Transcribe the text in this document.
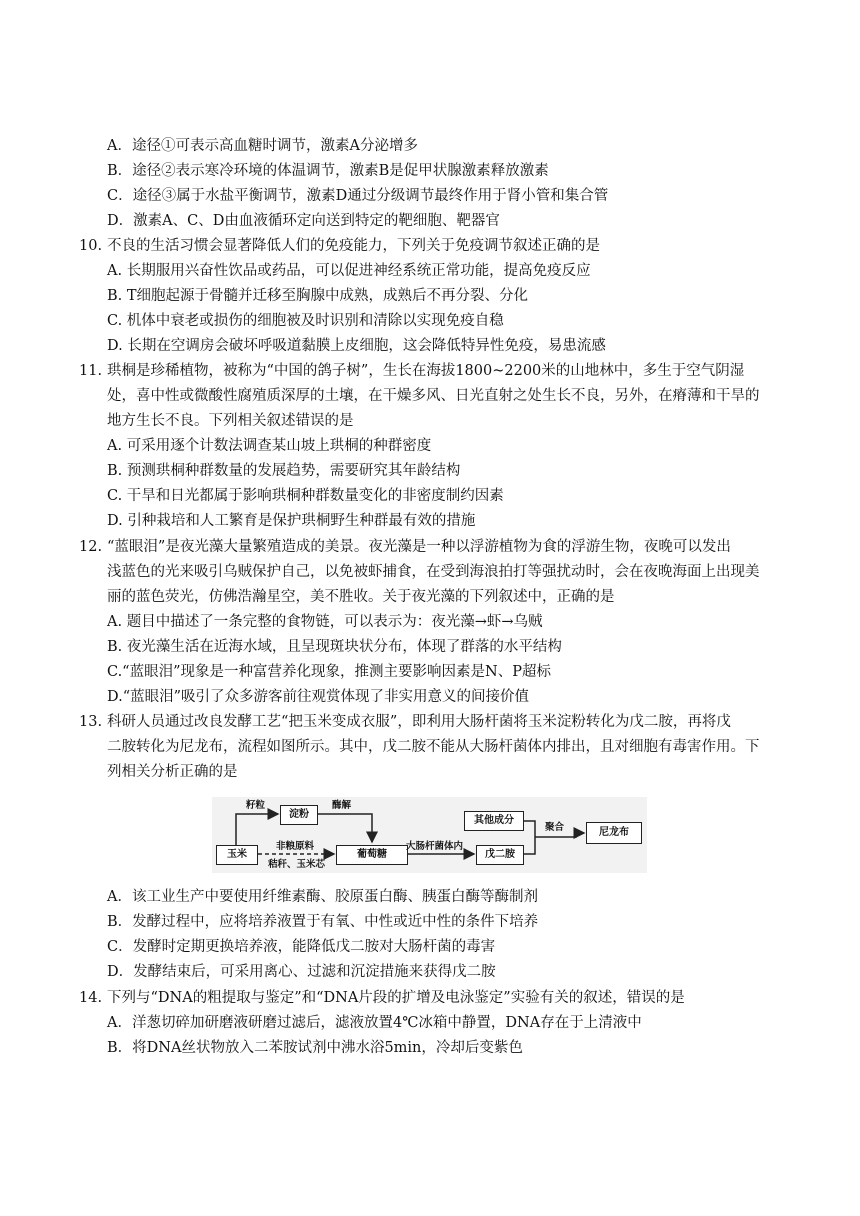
A．途径①可表示高血糖时调节，激素A分泌增多
B．途径②表示寒冷环境的体温调节，激素B是促甲状腺激素释放激素
C．途径③属于水盐平衡调节，激素D通过分级调节最终作用于肾小管和集合管
D．激素A、C、D由血液循环定向送到特定的靶细胞、靶器官
10. 不良的生活习惯会显著降低人们的免疫能力，下列关于免疫调节叙述正确的是
A. 长期服用兴奋性饮品或药品，可以促进神经系统正常功能，提高免疫反应
B. T细胞起源于骨髓并迁移至胸腺中成熟，成熟后不再分裂、分化
C. 机体中衰老或损伤的细胞被及时识别和清除以实现免疫自稳
D. 长期在空调房会破坏呼吸道黏膜上皮细胞，这会降低特异性免疫，易患流感
11. 珙桐是珍稀植物，被称为“中国的鸽子树”，生长在海拔1800~2200米的山地林中，多生于空气阴湿
处，喜中性或微酸性腐殖质深厚的土壤，在干燥多风、日光直射之处生长不良，另外，在瘠薄和干旱的
地方生长不良。下列相关叙述错误的是
A. 可采用逐个计数法调查某山坡上珙桐的种群密度
B. 预测珙桐种群数量的发展趋势，需要研究其年龄结构
C. 干旱和日光都属于影响珙桐种群数量变化的非密度制约因素
D. 引种栽培和人工繁育是保护珙桐野生种群最有效的措施
12. “蓝眼泪”是夜光藻大量繁殖造成的美景。夜光藻是一种以浮游植物为食的浮游生物，夜晚可以发出
浅蓝色的光来吸引乌贼保护自己，以免被虾捕食，在受到海浪拍打等强扰动时，会在夜晚海面上出现美
丽的蓝色荧光，仿佛浩瀚星空，美不胜收。关于夜光藻的下列叙述中，正确的是
A. 题目中描述了一条完整的食物链，可以表示为：夜光藻→虾→乌贼
B. 夜光藻生活在近海水域，且呈现斑块状分布，体现了群落的水平结构
C.“蓝眼泪”现象是一种富营养化现象，推测主要影响因素是N、P超标
D.“蓝眼泪”吸引了众多游客前往观赏体现了非实用意义的间接价值
13. 科研人员通过改良发酵工艺“把玉米变成衣服”，即利用大肠杆菌将玉米淀粉转化为戊二胺，再将戊
二胺转化为尼龙布，流程如图所示。其中，戊二胺不能从大肠杆菌体内排出，且对细胞有毒害作用。下
列相关分析正确的是
玉米
淀粉
葡萄糖
其他成分
戊二胺
尼龙布
籽粒	酶解
非粮原料
秸秆、玉米芯
大肠杆菌体内
聚合
A．该工业生产中要使用纤维素酶、胶原蛋白酶、胰蛋白酶等酶制剂
B．发酵过程中，应将培养液置于有氧、中性或近中性的条件下培养
C．发酵时定期更换培养液，能降低戊二胺对大肠杆菌的毒害
D．发酵结束后，可采用离心、过滤和沉淀措施来获得戊二胺
14. 下列与“DNA的粗提取与鉴定”和“DNA片段的扩增及电泳鉴定”实验有关的叙述，错误的是
A．洋葱切碎加研磨液研磨过滤后，滤液放置4℃冰箱中静置，DNA存在于上清液中
B．将DNA丝状物放入二苯胺试剂中沸水浴5min，冷却后变紫色
